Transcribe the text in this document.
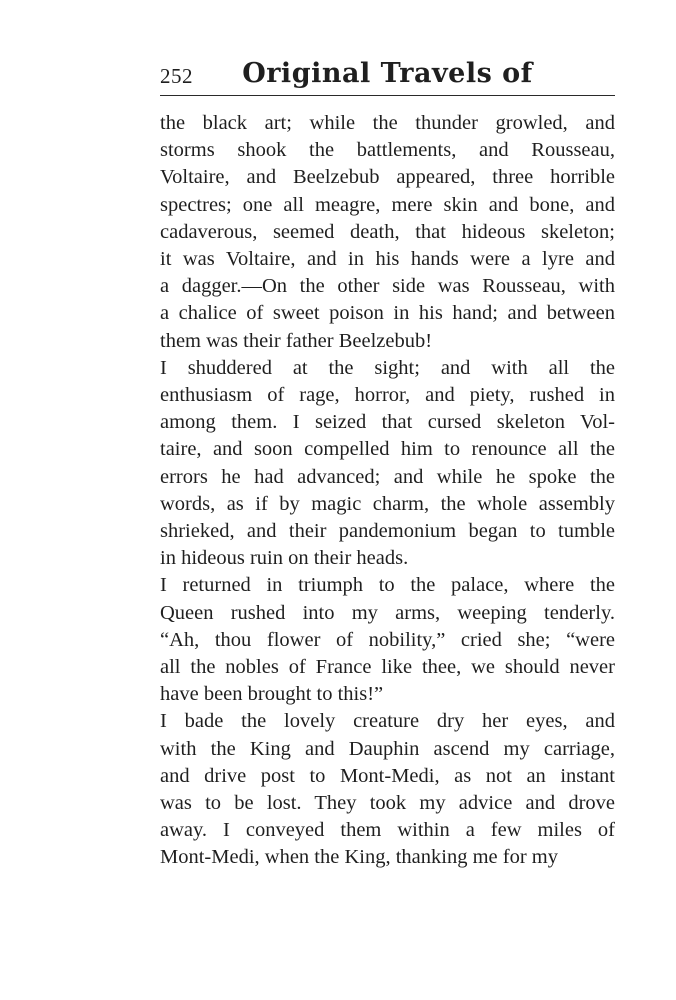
252	Original Travels of
the black art; while the thunder growled, and
storms shook the battlements, and Rousseau,
Voltaire, and Beelzebub appeared, three horrible
spectres; one all meagre, mere skin and bone, and
cadaverous, seemed death, that hideous skeleton;
it was Voltaire, and in his hands were a lyre and
a dagger.—On the other side was Rousseau, with
a chalice of sweet poison in his hand; and between
them was their father Beelzebub!
I shuddered at the sight; and with all the
enthusiasm of rage, horror, and piety, rushed in
among them. I seized that cursed skeleton Vol-
taire, and soon compelled him to renounce all the
errors he had advanced; and while he spoke the
words, as if by magic charm, the whole assembly
shrieked, and their pandemonium began to tumble
in hideous ruin on their heads.
I returned in triumph to the palace, where the
Queen rushed into my arms, weeping tenderly.
“Ah, thou flower of nobility,” cried she; “were
all the nobles of France like thee, we should never
have been brought to this!”
I bade the lovely creature dry her eyes, and
with the King and Dauphin ascend my carriage,
and drive post to Mont-Medi, as not an instant
was to be lost. They took my advice and drove
away. I conveyed them within a few miles of
Mont-Medi, when the King, thanking me for my
